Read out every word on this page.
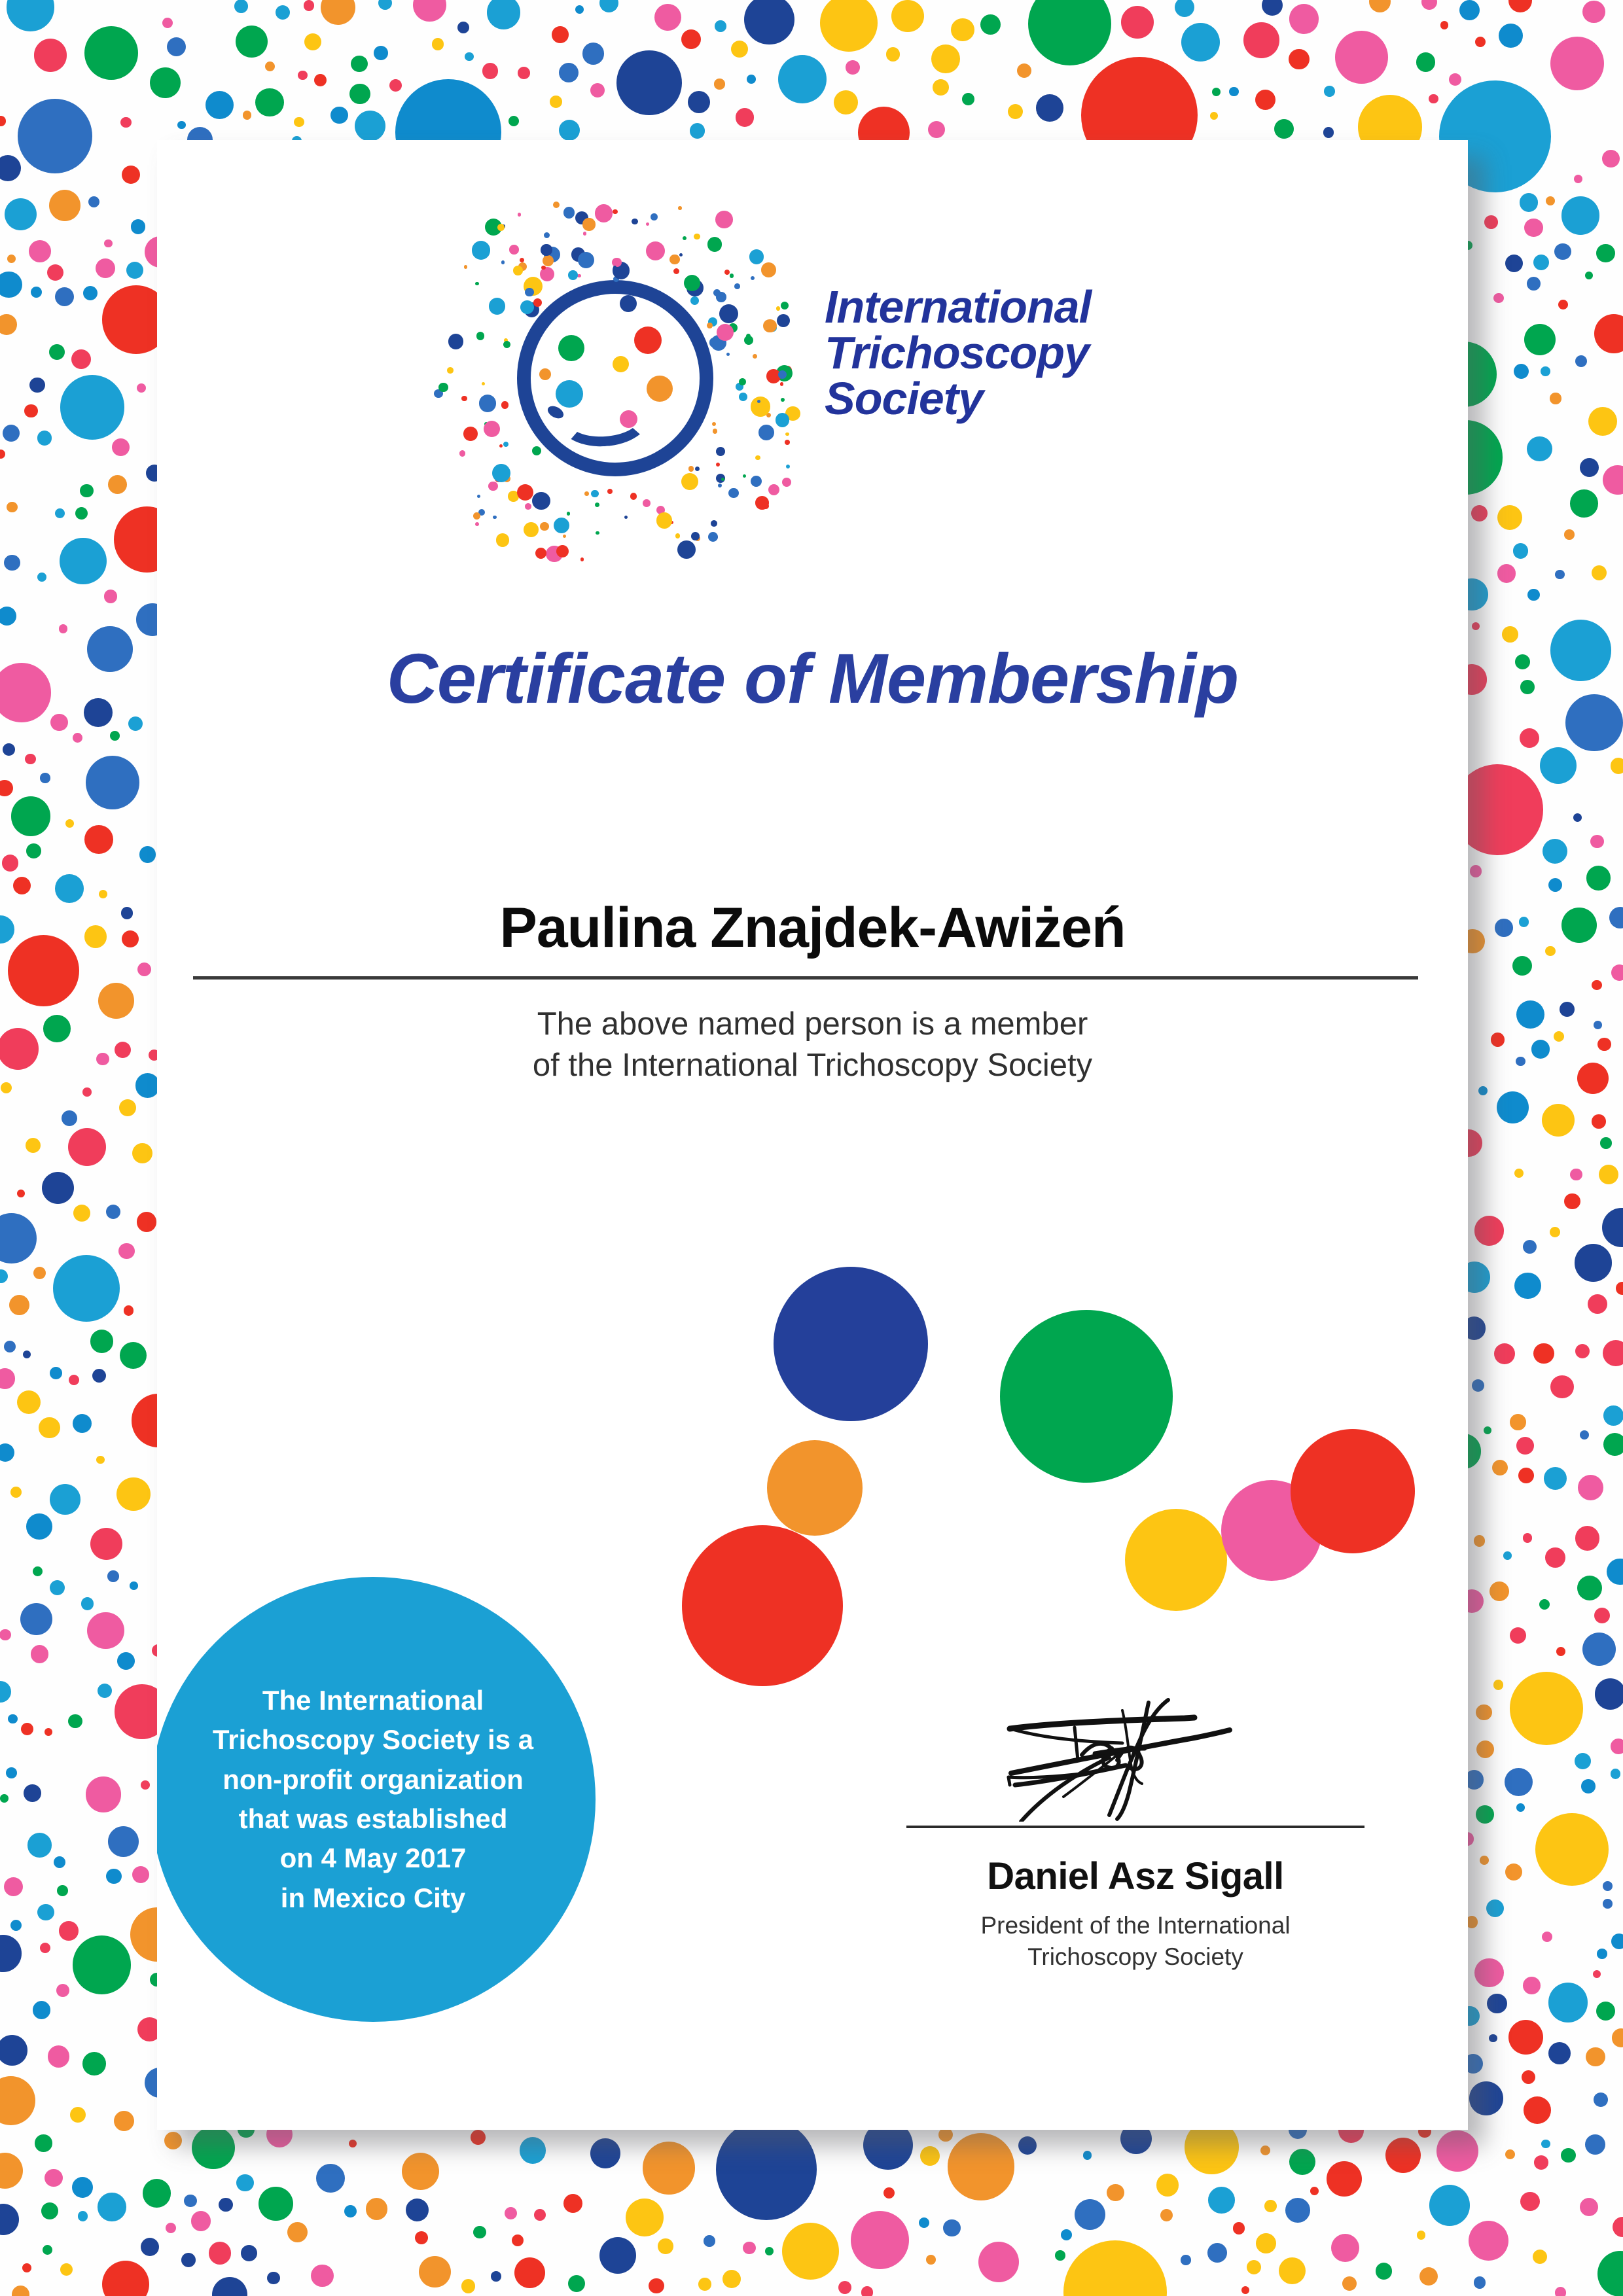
International
Trichoscopy
Society
Certificate of Membership
Paulina Znajdek-Awiżeń
The above named person is a member
of the International Trichoscopy Society
The International
Trichoscopy Society is a
non-profit organization
that was established
on 4 May 2017
in Mexico City
Daniel Asz Sigall
President of the International
Trichoscopy Society
